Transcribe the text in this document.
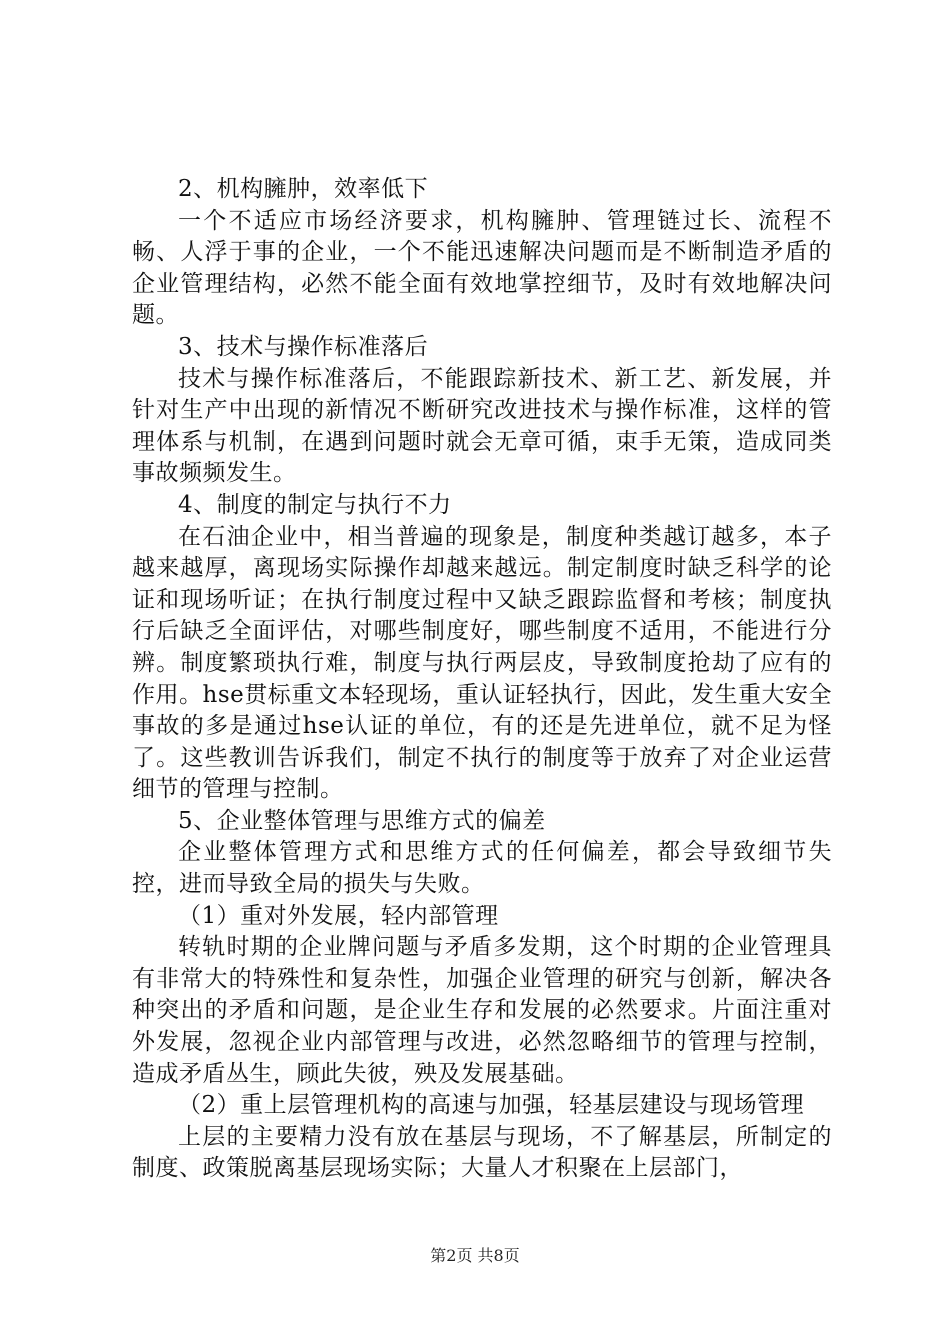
2、机构臃肿，效率低下

一个不适应市场经济要求，机构臃肿、管理链过长、流程不畅、人浮于事的企业，一个不能迅速解决问题而是不断制造矛盾的企业管理结构，必然不能全面有效地掌控细节，及时有效地解决问题。

3、技术与操作标准落后

技术与操作标准落后，不能跟踪新技术、新工艺、新发展，并针对生产中出现的新情况不断研究改进技术与操作标准，这样的管理体系与机制，在遇到问题时就会无章可循，束手无策，造成同类事故频频发生。

4、制度的制定与执行不力

在石油企业中，相当普遍的现象是，制度种类越订越多，本子越来越厚，离现场实际操作却越来越远。制定制度时缺乏科学的论证和现场听证；在执行制度过程中又缺乏跟踪监督和考核；制度执行后缺乏全面评估，对哪些制度好，哪些制度不适用，不能进行分辨。制度繁琐执行难，制度与执行两层皮，导致制度抢劫了应有的作用。hse贯标重文本轻现场，重认证轻执行，因此，发生重大安全事故的多是通过hse认证的单位，有的还是先进单位，就不足为怪了。这些教训告诉我们，制定不执行的制度等于放弃了对企业运营细节的管理与控制。

5、企业整体管理与思维方式的偏差

企业整体管理方式和思维方式的任何偏差，都会导致细节失控，进而导致全局的损失与失败。

（1）重对外发展，轻内部管理

转轨时期的企业牌问题与矛盾多发期，这个时期的企业管理具有非常大的特殊性和复杂性，加强企业管理的研究与创新，解决各种突出的矛盾和问题，是企业生存和发展的必然要求。片面注重对外发展，忽视企业内部管理与改进，必然忽略细节的管理与控制，造成矛盾丛生，顾此失彼，殃及发展基础。

（2）重上层管理机构的高速与加强，轻基层建设与现场管理

上层的主要精力没有放在基层与现场，不了解基层，所制定的制度、政策脱离基层现场实际；大量人才积聚在上层部门，

第2页 共8页
